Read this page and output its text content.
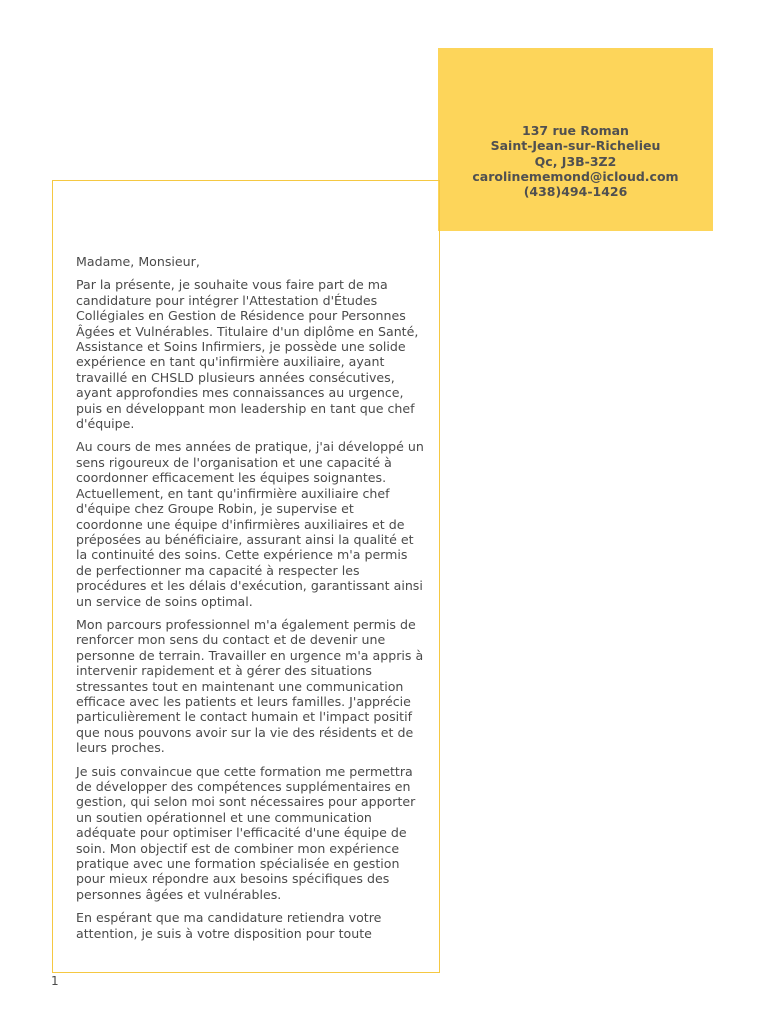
137 rue Roman
Saint-Jean-sur-Richelieu
Qc, J3B-3Z2
carolinememond@icloud.com
(438)494-1426

Madame, Monsieur,

Par la présente, je souhaite vous faire part de ma candidature pour intégrer l'Attestation d'Études Collégiales en Gestion de Résidence pour Personnes Âgées et Vulnérables. Titulaire d'un diplôme en Santé, Assistance et Soins Infirmiers, je possède une solide expérience en tant qu'infirmière auxiliaire, ayant travaillé en CHSLD plusieurs années consécutives, ayant approfondies mes connaissances au urgence, puis en développant mon leadership en tant que chef d'équipe.

Au cours de mes années de pratique, j'ai développé un sens rigoureux de l'organisation et une capacité à coordonner efficacement les équipes soignantes. Actuellement, en tant qu'infirmière auxiliaire chef d'équipe chez Groupe Robin, je supervise et coordonne une équipe d'infirmières auxiliaires et de préposées au bénéficiaire, assurant ainsi la qualité et la continuité des soins. Cette expérience m'a permis de perfectionner ma capacité à respecter les procédures et les délais d'exécution, garantissant ainsi un service de soins optimal.

Mon parcours professionnel m'a également permis de renforcer mon sens du contact et de devenir une personne de terrain. Travailler en urgence m'a appris à intervenir rapidement et à gérer des situations stressantes tout en maintenant une communication efficace avec les patients et leurs familles. J'apprécie particulièrement le contact humain et l'impact positif que nous pouvons avoir sur la vie des résidents et de leurs proches.

Je suis convaincue que cette formation me permettra de développer des compétences supplémentaires en gestion, qui selon moi sont nécessaires pour apporter un soutien opérationnel et une communication adéquate pour optimiser l'efficacité d'une équipe de soin. Mon objectif est de combiner mon expérience pratique avec une formation spécialisée en gestion pour mieux répondre aux besoins spécifiques des personnes âgées et vulnérables.

En espérant que ma candidature retiendra votre attention, je suis à votre disposition pour toute

1
